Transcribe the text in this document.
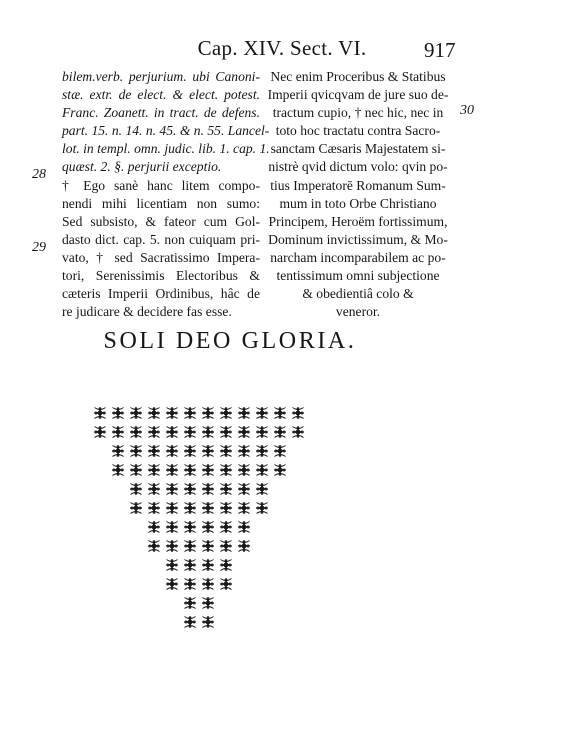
Cap. XIV. Sect. VI.	917
28
29
30
bilem.verb. perjurium. ubi Canoni-
stæ. extr. de elect. & elect. potest.
Franc. Zoanett. in tract. de defens.
part. 15. n. 14. n. 45. & n. 55. Lancel-
lot. in templ. omn. judic. lib. 1. cap. 1.
quæst. 2. §. perjurii exceptio.
† Ego sanè hanc litem compo-
nendi mihi licentiam non sumo:
Sed subsisto, & fateor cum Gol-
dasto dict. cap. 5. non cuiquam pri-
vato, † sed Sacratissimo Impera-
tori, Serenissimis Electoribus &
cæteris Imperii Ordinibus, hâc de
re judicare & decidere fas esse.
Nec enim Proceribus & Statibus
Imperii qvicqvam de jure suo de-
tractum cupio, † nec hic, nec in
toto hoc tractatu contra Sacro-
sanctam Cæsaris Majestatem si-
nistrè qvid dictum volo: qvin po-
tius Imperatorē Romanum Sum-
mum in toto Orbe Christiano
Principem, Heroëm fortissimum,
Dominum invictissimum, & Mo-
narcham incomparabilem ac po-
tentissimum omni subjectione
& obedientiâ colo &
veneror.
SOLI DEO GLORIA.
